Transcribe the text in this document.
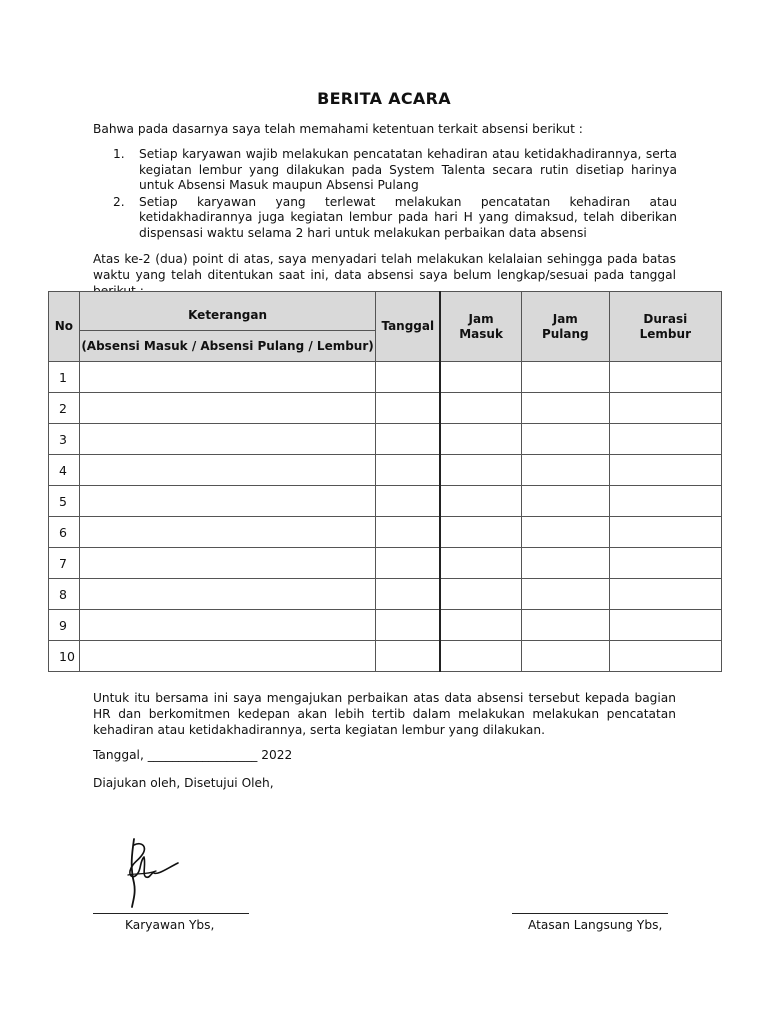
BERITA ACARA
Bahwa pada dasarnya saya telah memahami ketentuan terkait absensi berikut :
1. Setiap karyawan wajib melakukan pencatatan kehadiran atau ketidakhadirannya, serta kegiatan lembur yang dilakukan pada System Talenta secara rutin disetiap harinya untuk Absensi Masuk maupun Absensi Pulang
2. Setiap karyawan yang terlewat melakukan pencatatan kehadiran atau ketidakhadirannya juga kegiatan lembur pada hari H yang dimaksud, telah diberikan dispensasi waktu selama 2 hari untuk melakukan perbaikan data absensi
Atas ke-2 (dua) point di atas, saya menyadari telah melakukan kelalaian sehingga pada batas waktu yang telah ditentukan saat ini, data absensi saya belum lengkap/sesuai pada tanggal
No	Keterangan	Tanggal	Jam Masuk	Jam Pulang	Durasi Lembur
	(Absensi Masuk / Absensi Pulang / Lembur)				
1					
2					
3					
4					
5					
6					
7					
8					
9					
10					
Untuk itu bersama ini saya mengajukan perbaikan atas data absensi tersebut kepada bagian HR dan berkomitmen kedepan akan lebih tertib dalam melakukan melakukan pencatatan kehadiran atau ketidakhadirannya, serta kegiatan lembur yang dilakukan.
Tanggal, __________________ 2022
Diajukan oleh, Disetujui Oleh,
Karyawan Ybs,	Atasan Langsung Ybs,
